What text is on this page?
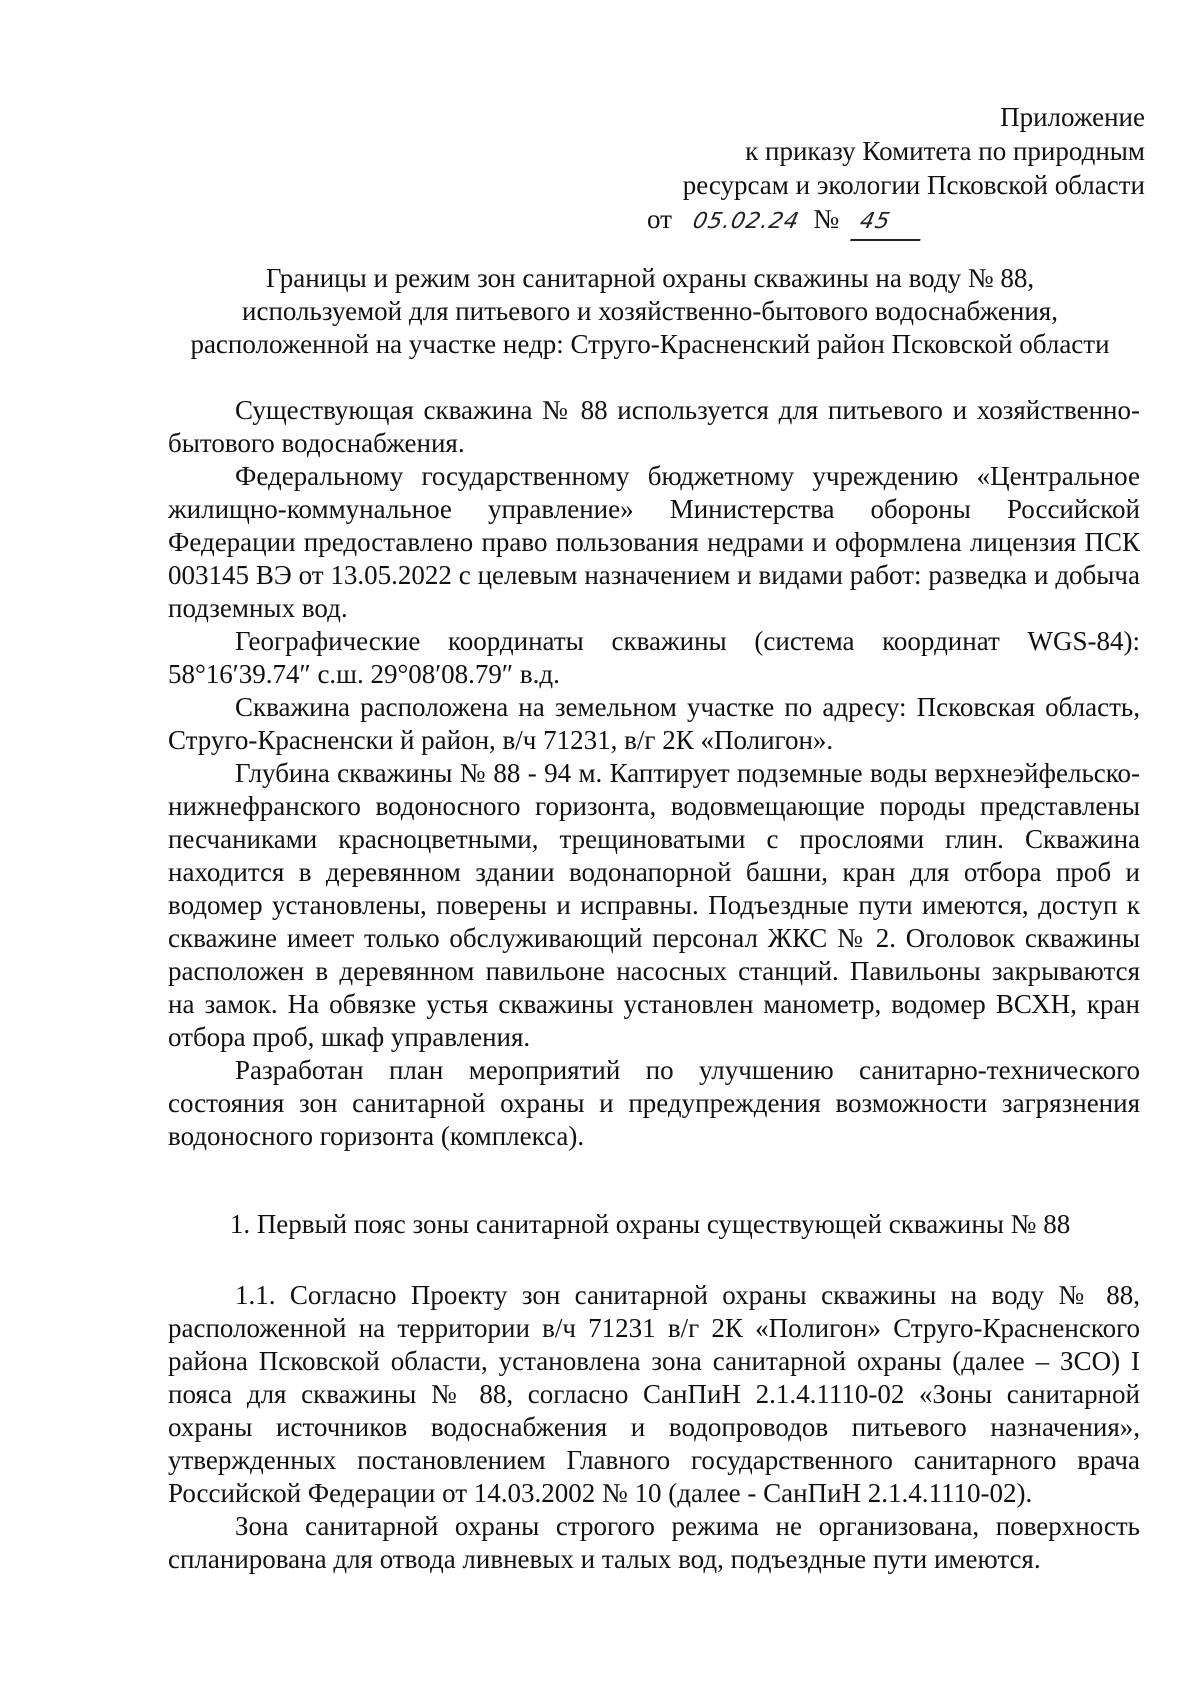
Приложение
к приказу Комитета по природным
ресурсам и экологии Псковской области
от 05.02.24 № 45
Границы и режим зон санитарной охраны скважины на воду № 88,
используемой для питьевого и хозяйственно-бытового водоснабжения,
расположенной на участке недр: Струго-Красненский район Псковской области

Существующая скважина № 88 используется для питьевого и хозяйственно-бытового водоснабжения.

Федеральному государственному бюджетному учреждению «Центральное жилищно-коммунальное управление» Министерства обороны Российской Федерации предоставлено право пользования недрами и оформлена лицензия ПСК 003145 ВЭ от 13.05.2022 с целевым назначением и видами работ: разведка и добыча подземных вод.

Географические координаты скважины (система координат WGS-84): 58°16′39.74″ с.ш. 29°08′08.79″ в.д.

Скважина расположена на земельном участке по адресу: Псковская область, Струго-Красненски й район, в/ч 71231, в/г 2К «Полигон».

Глубина скважины № 88 - 94 м. Каптирует подземные воды верхнеэйфельско-нижнефранского водоносного горизонта, водовмещающие породы представлены песчаниками красноцветными, трещиноватыми с прослоями глин. Скважина находится в деревянном здании водонапорной башни, кран для отбора проб и водомер установлены, поверены и исправны. Подъездные пути имеются, доступ к скважине имеет только обслуживающий персонал ЖКС № 2. Оголовок скважины расположен в деревянном павильоне насосных станций. Павильоны закрываются на замок. На обвязке устья скважины установлен манометр, водомер ВСХН, кран отбора проб, шкаф управления.

Разработан план мероприятий по улучшению санитарно-технического состояния зон санитарной охраны и предупреждения возможности загрязнения водоносного горизонта (комплекса).

1. Первый пояс зоны санитарной охраны существующей скважины № 88

1.1. Согласно Проекту зон санитарной охраны скважины на воду № 88, расположенной на территории в/ч 71231 в/г 2К «Полигон» Струго-Красненского района Псковской области, установлена зона санитарной охраны (далее – ЗСО) I пояса для скважины № 88, согласно СанПиН 2.1.4.1110-02 «Зоны санитарной охраны источников водоснабжения и водопроводов питьевого назначения», утвержденных постановлением Главного государственного санитарного врача Российской Федерации от 14.03.2002 № 10 (далее - СанПиН 2.1.4.1110-02).

Зона санитарной охраны строгого режима не организована, поверхность спланирована для отвода ливневых и талых вод, подъездные пути имеются.
